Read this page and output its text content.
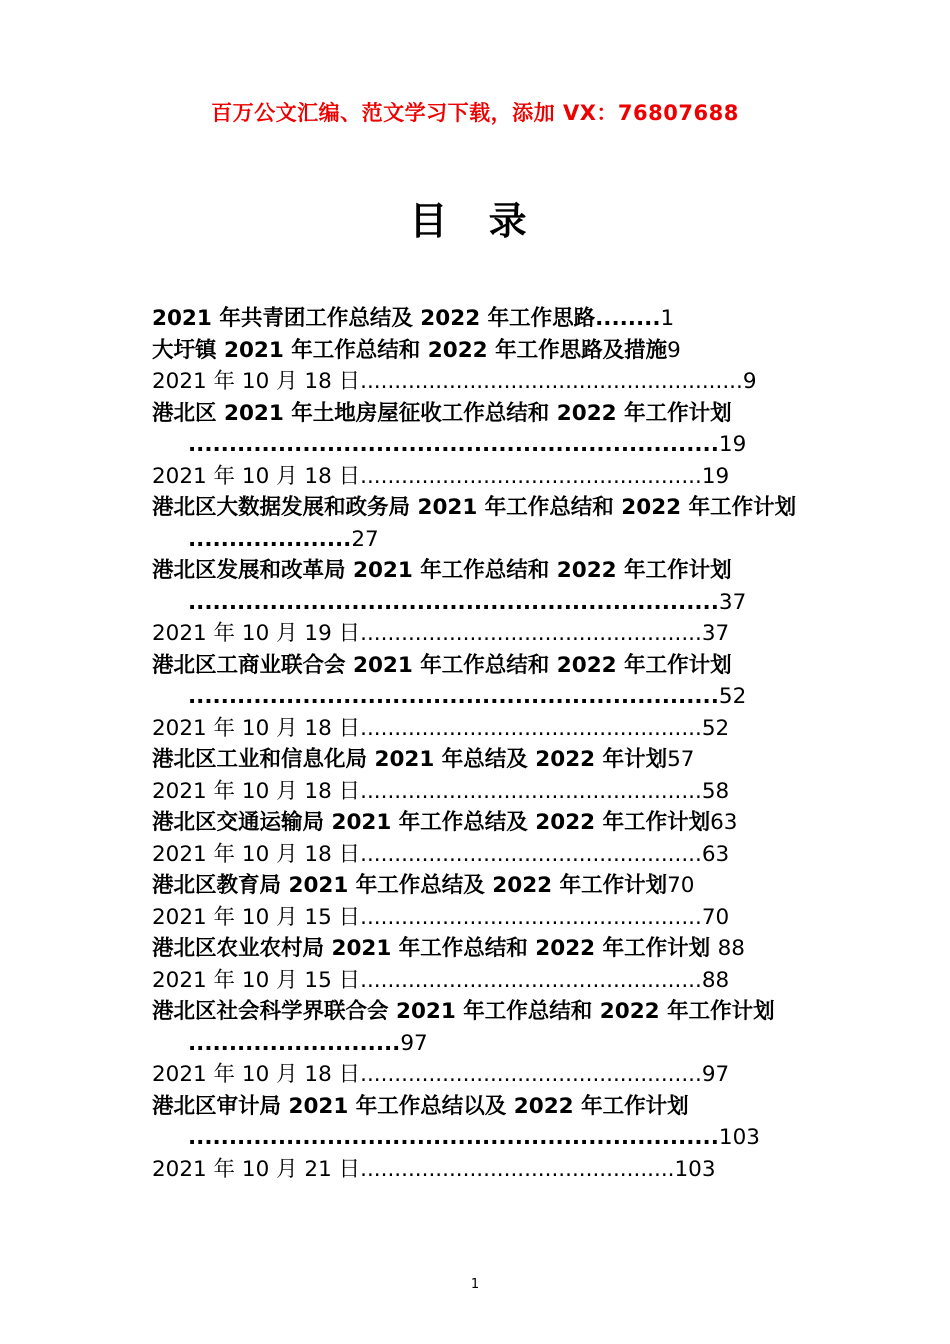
百万公文汇编、范文学习下载，添加 VX：76807688
目 录
2021 年共青团工作总结及 2022 年工作思路........1
大圩镇 2021 年工作总结和 2022 年工作思路及措施9
2021 年 10 月 18 日........................................................9
港北区 2021 年土地房屋征收工作总结和 2022 年工作计划
.................................................................19
2021 年 10 月 18 日..................................................19
港北区大数据发展和政务局 2021 年工作总结和 2022 年工作计划
....................27
港北区发展和改革局 2021 年工作总结和 2022 年工作计划
.................................................................37
2021 年 10 月 19 日..................................................37
港北区工商业联合会 2021 年工作总结和 2022 年工作计划
.................................................................52
2021 年 10 月 18 日..................................................52
港北区工业和信息化局 2021 年总结及 2022 年计划57
2021 年 10 月 18 日..................................................58
港北区交通运输局 2021 年工作总结及 2022 年工作计划63
2021 年 10 月 18 日..................................................63
港北区教育局 2021 年工作总结及 2022 年工作计划70
2021 年 10 月 15 日..................................................70
港北区农业农村局 2021 年工作总结和 2022 年工作计划 88
2021 年 10 月 15 日..................................................88
港北区社会科学界联合会 2021 年工作总结和 2022 年工作计划
..........................97
2021 年 10 月 18 日..................................................97
港北区审计局 2021 年工作总结以及 2022 年工作计划
.................................................................103
2021 年 10 月 21 日..............................................103
1
